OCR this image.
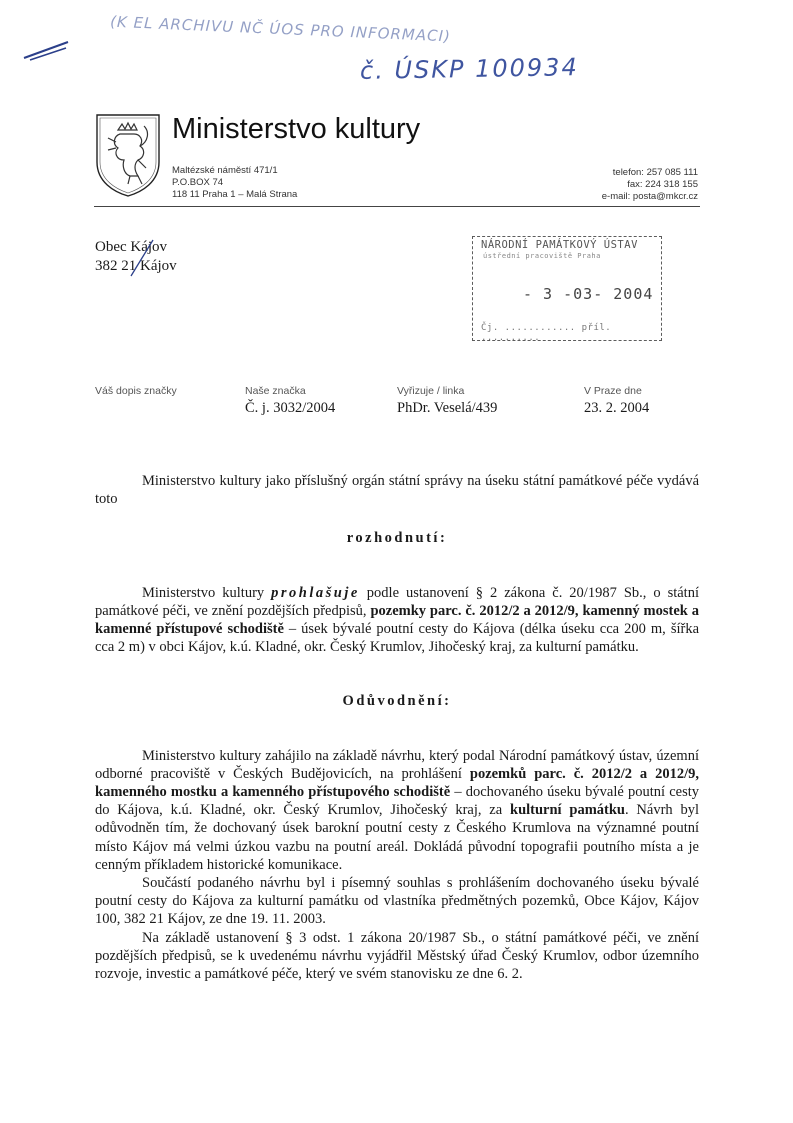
(K EL ARCHIVU NČ ÚOS PRO INFORMACI)
č. ÚSKP 100934
Ministerstvo kultury
Maltézské náměstí 471/1
P.O.BOX 74
118 11 Praha 1 – Malá Strana
telefon: 257 085 111
fax: 224 318 155
e-mail: posta@mkcr.cz
Obec Kájov
382 21 Kájov
NÁRODNÍ PAMÁTKOVÝ ÚSTAV
ústřední pracoviště Praha
- 3 -03- 2004
Čj. ............ příl. ..........
Váš dopis značky	Naše značka
Č. j. 3032/2004
Vyřizuje / linka
PhDr. Veselá/439
V Praze dne
23. 2. 2004

Ministerstvo kultury jako příslušný orgán státní správy na úseku státní památkové péče vydává toto

rozhodnutí:

Ministerstvo kultury prohlašuje podle ustanovení § 2 zákona č. 20/1987 Sb., o státní památkové péči, ve znění pozdějších předpisů, pozemky parc. č. 2012/2 a 2012/9, kamenný mostek a kamenné přístupové schodiště – úsek bývalé poutní cesty do Kájova (délka úseku cca 200 m, šířka cca 2 m) v obci Kájov, k.ú. Kladné, okr. Český Krumlov, Jihočeský kraj, za kulturní památku.

Odůvodnění:

Ministerstvo kultury zahájilo na základě návrhu, který podal Národní památkový ústav, územní odborné pracoviště v Českých Budějovicích, na prohlášení pozemků parc. č. 2012/2 a 2012/9, kamenného mostku a kamenného přístupového schodiště – dochovaného úseku bývalé poutní cesty do Kájova, k.ú. Kladné, okr. Český Krumlov, Jihočeský kraj, za kulturní památku. Návrh byl odůvodněn tím, že dochovaný úsek barokní poutní cesty z Českého Krumlova na významné poutní místo Kájov má velmi úzkou vazbu na poutní areál. Dokládá původní topografii poutního místa a je cenným příkladem historické komunikace.

Součástí podaného návrhu byl i písemný souhlas s prohlášením dochovaného úseku bývalé poutní cesty do Kájova za kulturní památku od vlastníka předmětných pozemků, Obce Kájov, Kájov 100, 382 21 Kájov, ze dne 19. 11. 2003.

Na základě ustanovení § 3 odst. 1 zákona 20/1987 Sb., o státní památkové péči, ve znění pozdějších předpisů, se k uvedenému návrhu vyjádřil Městský úřad Český Krumlov, odbor územního rozvoje, investic a památkové péče, který ve svém stanovisku ze dne 6. 2.
